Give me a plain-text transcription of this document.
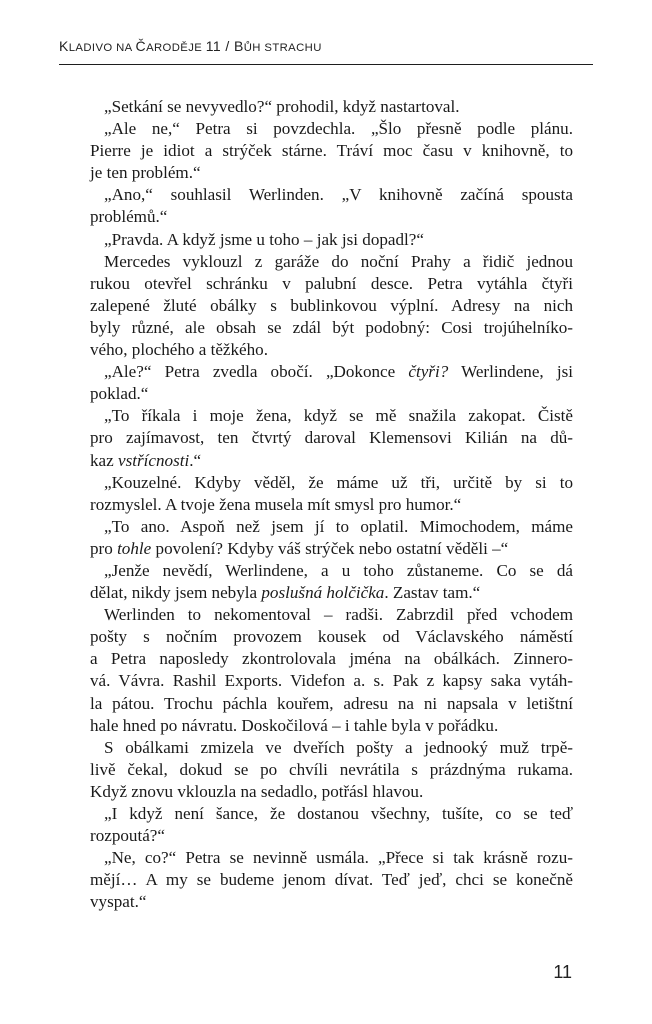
KLADIVO NA ČARODĚJE 11 / BŮH STRACHU
„Setkání se nevyvedlo?“ prohodil, když nastartoval.
„Ale ne,“ Petra si povzdechla. „Šlo přesně podle plánu.
Pierre je idiot a strýček stárne. Tráví moc času v knihovně, to
je ten problém.“
„Ano,“ souhlasil Werlinden. „V knihovně začíná spousta
problémů.“
„Pravda. A když jsme u toho – jak jsi dopadl?“
Mercedes vyklouzl z garáže do noční Prahy a řidič jednou
rukou otevřel schránku v palubní desce. Petra vytáhla čtyři
zalepené žluté obálky s bublinkovou výplní. Adresy na nich
byly různé, ale obsah se zdál být podobný: Cosi trojúhelníko-
vého, plochého a těžkého.
„Ale?“ Petra zvedla obočí. „Dokonce čtyři? Werlindene, jsi
poklad.“
„To říkala i moje žena, když se mě snažila zakopat. Čistě
pro zajímavost, ten čtvrtý daroval Klemensovi Kilián na dů-
kaz vstřícnosti.“
„Kouzelné. Kdyby věděl, že máme už tři, určitě by si to
rozmyslel. A tvoje žena musela mít smysl pro humor.“
„To ano. Aspoň než jsem jí to oplatil. Mimochodem, máme
pro tohle povolení? Kdyby váš strýček nebo ostatní věděli –“
„Jenže nevědí, Werlindene, a u toho zůstaneme. Co se dá
dělat, nikdy jsem nebyla poslušná holčička. Zastav tam.“
Werlinden to nekomentoval – radši. Zabrzdil před vchodem
pošty s nočním provozem kousek od Václavského náměstí
a Petra naposledy zkontrolovala jména na obálkách. Zinnero-
vá. Vávra. Rashil Exports. Videfon a. s. Pak z kapsy saka vytáh-
la pátou. Trochu páchla kouřem, adresu na ni napsala v letištní
hale hned po návratu. Doskočilová – i tahle byla v pořádku.
S obálkami zmizela ve dveřích pošty a jednooký muž trpě-
livě čekal, dokud se po chvíli nevrátila s prázdnýma rukama.
Když znovu vklouzla na sedadlo, potřásl hlavou.
„I když není šance, že dostanou všechny, tušíte, co se teď
rozpoutá?“
„Ne, co?“ Petra se nevinně usmála. „Přece si tak krásně rozu-
mějí… A my se budeme jenom dívat. Teď jeď, chci se konečně
vyspat.“
11
